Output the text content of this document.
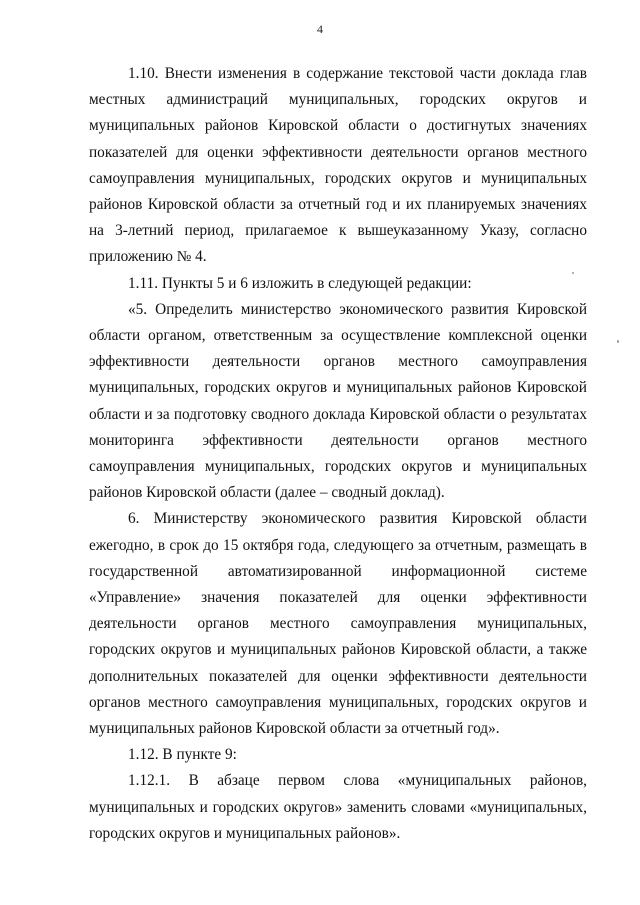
4

1.10. Внести изменения в содержание текстовой части доклада глав местных администраций муниципальных, городских округов и муниципальных районов Кировской области о достигнутых значениях показателей для оценки эффективности деятельности органов местного самоуправления муниципальных, городских округов и муниципальных районов Кировской области за отчетный год и их планируемых значениях на 3-летний период, прилагаемое к вышеуказанному Указу, согласно приложению № 4.

1.11. Пункты 5 и 6 изложить в следующей редакции:

«5. Определить министерство экономического развития Кировской области органом, ответственным за осуществление комплексной оценки эффективности деятельности органов местного самоуправления муниципальных, городских округов и муниципальных районов Кировской области и за подготовку сводного доклада Кировской области о результатах мониторинга эффективности деятельности органов местного самоуправления муниципальных, городских округов и муниципальных районов Кировской области (далее – сводный доклад).

6. Министерству экономического развития Кировской области ежегодно, в срок до 15 октября года, следующего за отчетным, размещать в государственной автоматизированной информационной системе «Управление» значения показателей для оценки эффективности деятельности органов местного самоуправления муниципальных, городских округов и муниципальных районов Кировской области, а также дополнительных показателей для оценки эффективности деятельности органов местного самоуправления муниципальных, городских округов и муниципальных районов Кировской области за отчетный год».

1.12. В пункте 9:

1.12.1. В абзаце первом слова «муниципальных районов, муниципальных и городских округов» заменить словами «муниципальных, городских округов и муниципальных районов».
